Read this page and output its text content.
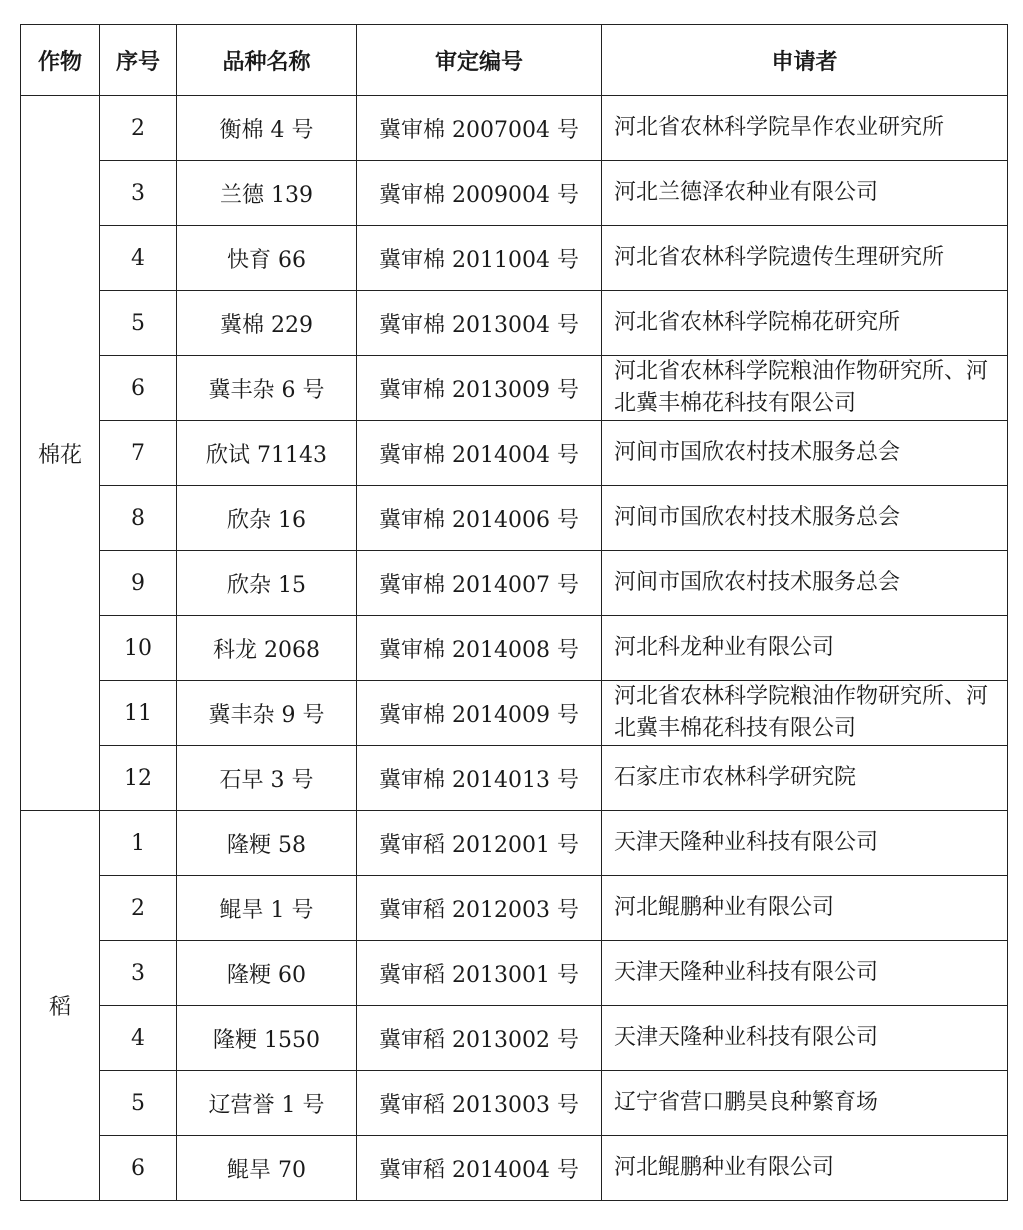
作物	序号	品种名称	审定编号	申请者
棉花	2	衡棉 4 号	冀审棉 2007004 号	河北省农林科学院旱作农业研究所
	3	兰德 139	冀审棉 2009004 号	河北兰德泽农种业有限公司
	4	快育 66	冀审棉 2011004 号	河北省农林科学院遗传生理研究所
	5	冀棉 229	冀审棉 2013004 号	河北省农林科学院棉花研究所
	6	冀丰杂 6 号	冀审棉 2013009 号	河北省农林科学院粮油作物研究所、河北冀丰棉花科技有限公司
	7	欣试 71143	冀审棉 2014004 号	河间市国欣农村技术服务总会
	8	欣杂 16	冀审棉 2014006 号	河间市国欣农村技术服务总会
	9	欣杂 15	冀审棉 2014007 号	河间市国欣农村技术服务总会
	10	科龙 2068	冀审棉 2014008 号	河北科龙种业有限公司
	11	冀丰杂 9 号	冀审棉 2014009 号	河北省农林科学院粮油作物研究所、河北冀丰棉花科技有限公司
	12	石早 3 号	冀审棉 2014013 号	石家庄市农林科学研究院
稻	1	隆粳 58	冀审稻 2012001 号	天津天隆种业科技有限公司
	2	鲲旱 1 号	冀审稻 2012003 号	河北鲲鹏种业有限公司
	3	隆粳 60	冀审稻 2013001 号	天津天隆种业科技有限公司
	4	隆粳 1550	冀审稻 2013002 号	天津天隆种业科技有限公司
	5	辽营誉 1 号	冀审稻 2013003 号	辽宁省营口鹏昊良种繁育场
	6	鲲旱 70	冀审稻 2014004 号	河北鲲鹏种业有限公司
